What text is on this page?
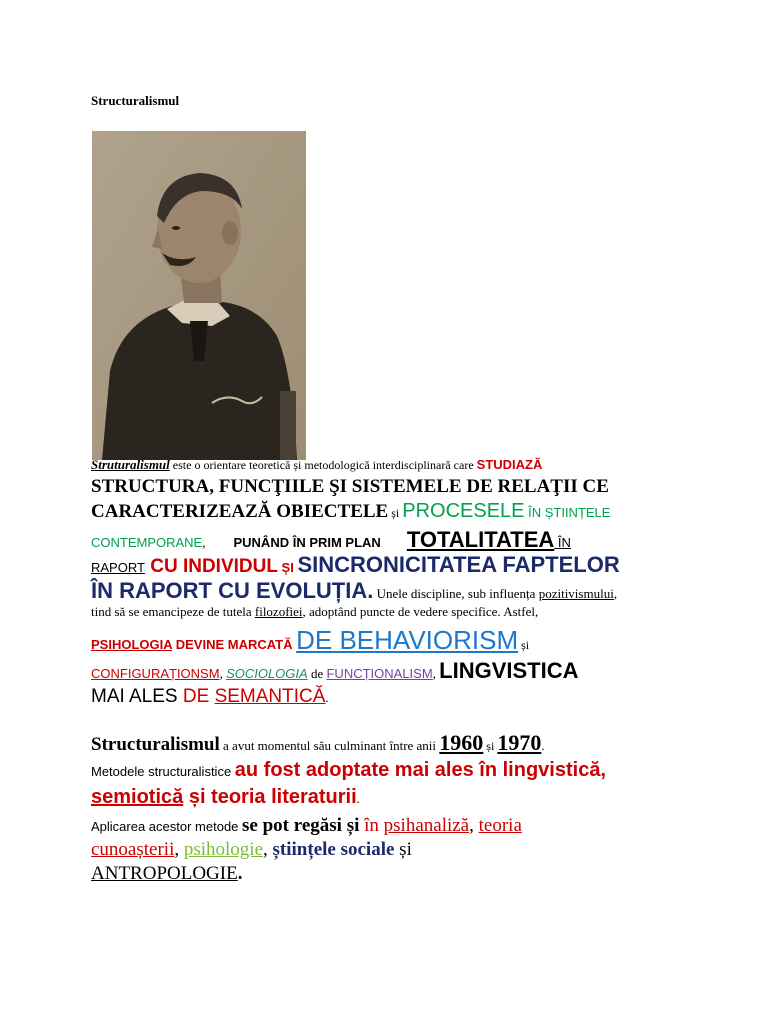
Structuralismul
Struturalismul este o orientare teoretică și metodologică interdisciplinară care STUDIAZĂ
STRUCTURA, FUNCŢIILE ŞI SISTEMELE DE RELAŢII CE
CARACTERIZEAZĂ OBIECTELE și PROCESELE ÎN ȘTIINȚELE
CONTEMPORANE, PUNÂND ÎN PRIM PLAN TOTALITATEA ÎN
RAPORT CU INDIVIDUL ȘI SINCRONICITATEA FAPTELOR
ÎN RAPORT CU EVOLUȚIA. Unele discipline, sub influența pozitivismului,
tind să se emancipeze de tutela filozofiei, adoptând puncte de vedere specifice. Astfel,
PSIHOLOGIA DEVINE MARCATĂ DE BEHAVIORISM și
CONFIGURAȚIONSM, SOCIOLOGIA de FUNCȚIONALISM, LINGVISTICA
MAI ALES DE SEMANTICĂ.
Structuralismul a avut momentul său culminant între anii 1960 și 1970.
Metodele structuralistice au fost adoptate mai ales în lingvistică,
semiotică și teoria literaturii.
Aplicarea acestor metode se pot regăsi și în psihanaliză, teoria
cunoașterii, psihologie, științele sociale și
ANTROPOLOGIE.
